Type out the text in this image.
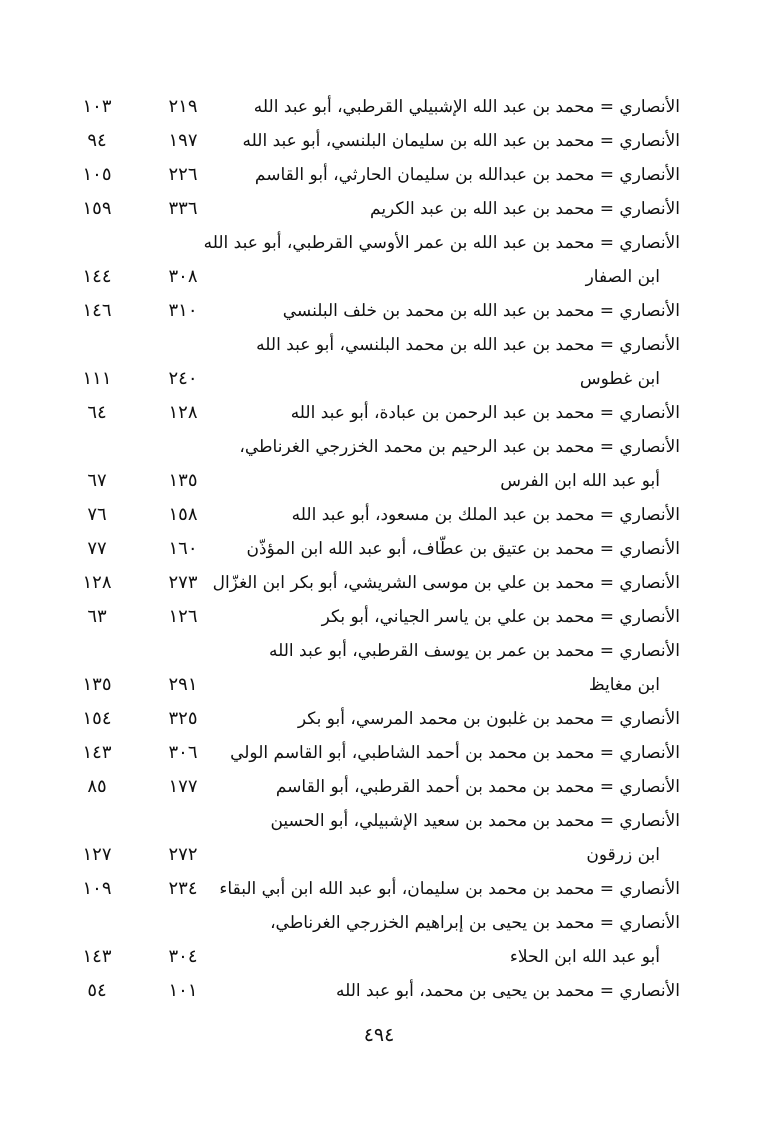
الأنصاري = محمد بن عبد الله الإشبيلي القرطبي، أبو عبد الله
٢١٩
١٠٣
الأنصاري = محمد بن عبد الله بن سليمان البلنسي، أبو عبد الله
١٩٧
٩٤
الأنصاري = محمد بن عبدالله بن سليمان الحارثي، أبو القاسم
٢٢٦
١٠٥
الأنصاري = محمد بن عبد الله بن عبد الكريم
٣٣٦
١٥٩
الأنصاري = محمد بن عبد الله بن عمر الأوسي القرطبي، أبو عبد الله
ابن الصفار
٣٠٨
١٤٤
الأنصاري = محمد بن عبد الله بن محمد بن خلف البلنسي
٣١٠
١٤٦
الأنصاري = محمد بن عبد الله بن محمد البلنسي، أبو عبد الله
ابن غطوس
٢٤٠
١١١
الأنصاري = محمد بن عبد الرحمن بن عبادة، أبو عبد الله
١٢٨
٦٤
الأنصاري = محمد بن عبد الرحيم بن محمد الخزرجي الغرناطي،
أبو عبد الله ابن الفرس
١٣٥
٦٧
الأنصاري = محمد بن عبد الملك بن مسعود، أبو عبد الله
١٥٨
٧٦
الأنصاري = محمد بن عتيق بن عطّاف، أبو عبد الله ابن المؤذّن
١٦٠
٧٧
الأنصاري = محمد بن علي بن موسى الشريشي، أبو بكر ابن الغزّال
٢٧٣
١٢٨
الأنصاري = محمد بن علي بن ياسر الجياني، أبو بكر
١٢٦
٦٣
الأنصاري = محمد بن عمر بن يوسف القرطبي، أبو عبد الله
ابن مغايظ
٢٩١
١٣٥
الأنصاري = محمد بن غلبون بن محمد المرسي، أبو بكر
٣٢٥
١٥٤
الأنصاري = محمد بن محمد بن أحمد الشاطبي، أبو القاسم الولي
٣٠٦
١٤٣
الأنصاري = محمد بن محمد بن أحمد القرطبي، أبو القاسم
١٧٧
٨٥
الأنصاري = محمد بن محمد بن سعيد الإشبيلي، أبو الحسين
ابن زرقون
٢٧٢
١٢٧
الأنصاري = محمد بن محمد بن سليمان، أبو عبد الله ابن أبي البقاء
٢٣٤
١٠٩
الأنصاري = محمد بن يحيى بن إبراهيم الخزرجي الغرناطي،
أبو عبد الله ابن الحلاء
٣٠٤
١٤٣
الأنصاري = محمد بن يحيى بن محمد، أبو عبد الله
١٠١
٥٤
٤٩٤
